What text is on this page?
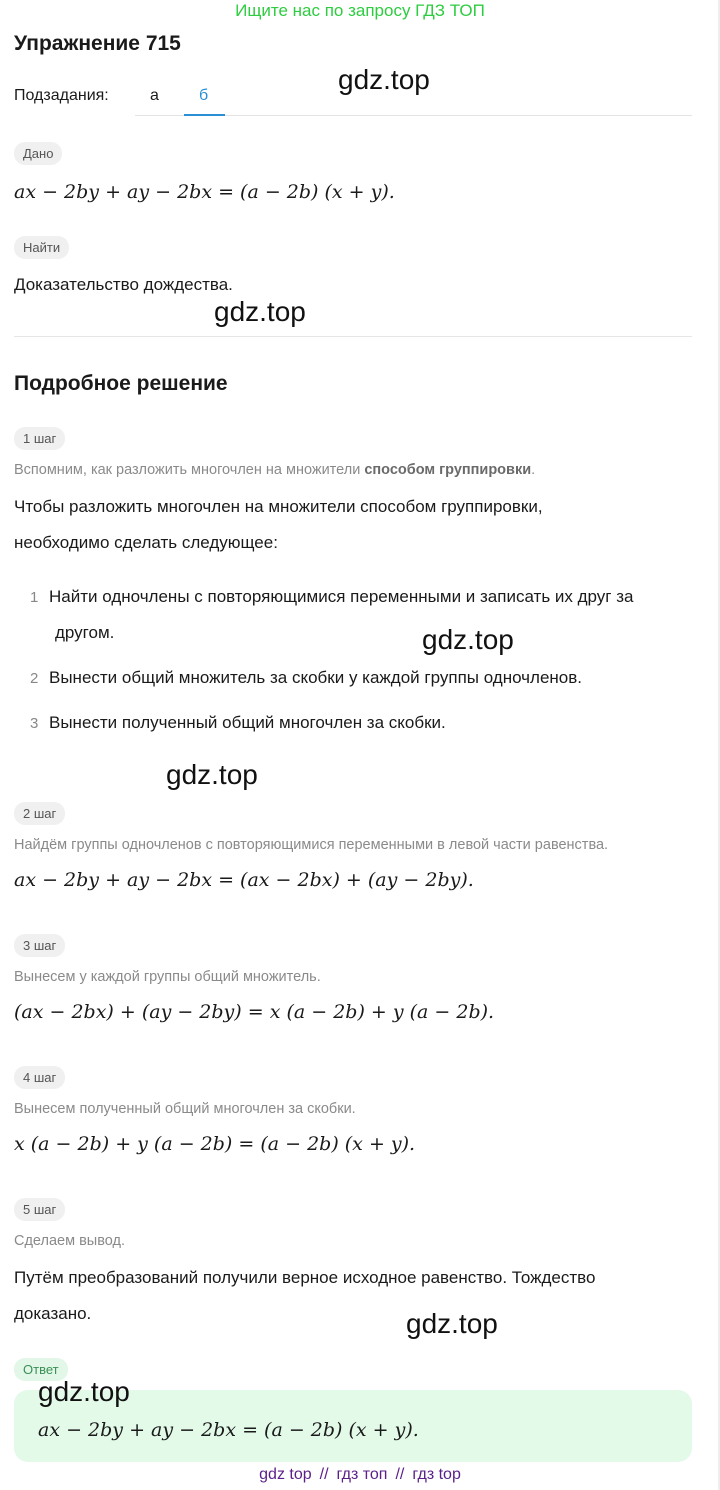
Ищите нас по запросу ГДЗ ТОП
Упражнение 715
gdz.top
Подзадания:	а	б
Дано
ax − 2by + ay − 2bx = (a − 2b) (x + y).
Найти
Доказательство дождества.
gdz.top
Подробное решение
1 шаг
Вспомним, как разложить многочлен на множители способом группировки.
Чтобы разложить многочлен на множители способом группировки,
необходимо сделать следующее:
1 Найти одночлены с повторяющимися переменными и записать их друг за
другом.	gdz.top
2 Вынести общий множитель за скобки у каждой группы одночленов.
3 Вынести полученный общий многочлен за скобки.
gdz.top
2 шаг
Найдём группы одночленов с повторяющимися переменными в левой части равенства.
ax − 2by + ay − 2bx = (ax − 2bx) + (ay − 2by).
3 шаг
Вынесем у каждой группы общий множитель.
(ax − 2bx) + (ay − 2by) = x (a − 2b) + y (a − 2b).
4 шаг
Вынесем полученный общий многочлен за скобки.
x (a − 2b) + y (a − 2b) = (a − 2b) (x + y).
5 шаг
Сделаем вывод.
Путём преобразований получили верное исходное равенство. Тождество
доказано.	gdz.top
Ответ
gdz.top
ax − 2by + ay − 2bx = (a − 2b) (x + y).
gdz top // гдз топ // гдз top
